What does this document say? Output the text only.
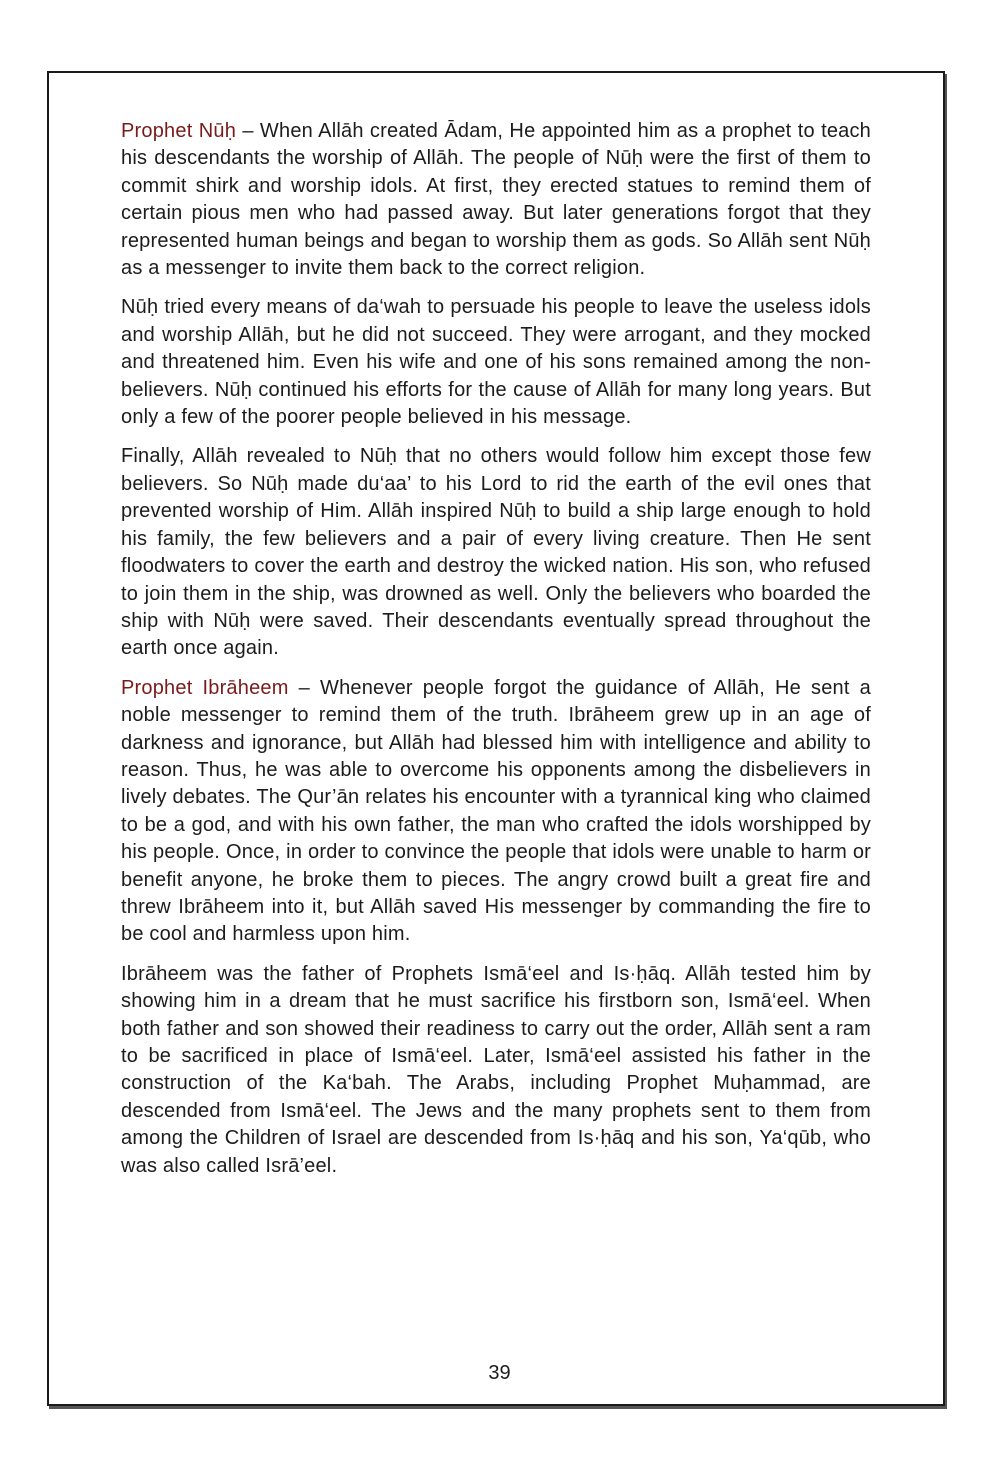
Prophet Nūḥ – When Allāh created Ādam, He appointed him as a prophet to teach his descendants the worship of Allāh. The people of Nūḥ were the first of them to commit shirk and worship idols. At first, they erected statues to remind them of certain pious men who had passed away. But later generations forgot that they represented human beings and began to worship them as gods. So Allāh sent Nūḥ as a messenger to invite them back to the correct religion.

Nūḥ tried every means of da‘wah to persuade his people to leave the useless idols and worship Allāh, but he did not succeed. They were arrogant, and they mocked and threatened him. Even his wife and one of his sons remained among the non-believers. Nūḥ continued his efforts for the cause of Allāh for many long years. But only a few of the poorer people believed in his message.

Finally, Allāh revealed to Nūḥ that no others would follow him except those few believers. So Nūḥ made du‘aa’ to his Lord to rid the earth of the evil ones that prevented worship of Him. Allāh inspired Nūḥ to build a ship large enough to hold his family, the few believers and a pair of every living creature. Then He sent floodwaters to cover the earth and destroy the wicked nation. His son, who refused to join them in the ship, was drowned as well. Only the believers who boarded the ship with Nūḥ were saved. Their descendants eventually spread throughout the earth once again.

Prophet Ibrāheem – Whenever people forgot the guidance of Allāh, He sent a noble messenger to remind them of the truth. Ibrāheem grew up in an age of darkness and ignorance, but Allāh had blessed him with intelligence and ability to reason. Thus, he was able to overcome his opponents among the disbelievers in lively debates. The Qur’ān relates his encounter with a tyrannical king who claimed to be a god, and with his own father, the man who crafted the idols worshipped by his people. Once, in order to convince the people that idols were unable to harm or benefit anyone, he broke them to pieces. The angry crowd built a great fire and threw Ibrāheem into it, but Allāh saved His messenger by commanding the fire to be cool and harmless upon him.

Ibrāheem was the father of Prophets Ismā‘eel and Is·ḥāq. Allāh tested him by showing him in a dream that he must sacrifice his firstborn son, Ismā‘eel. When both father and son showed their readiness to carry out the order, Allāh sent a ram to be sacrificed in place of Ismā‘eel. Later, Ismā‘eel assisted his father in the construction of the Ka‘bah. The Arabs, including Prophet Muḥammad, are descended from Ismā‘eel. The Jews and the many prophets sent to them from among the Children of Israel are descended from Is·ḥāq and his son, Ya‘qūb, who was also called Isrā’eel.

39
